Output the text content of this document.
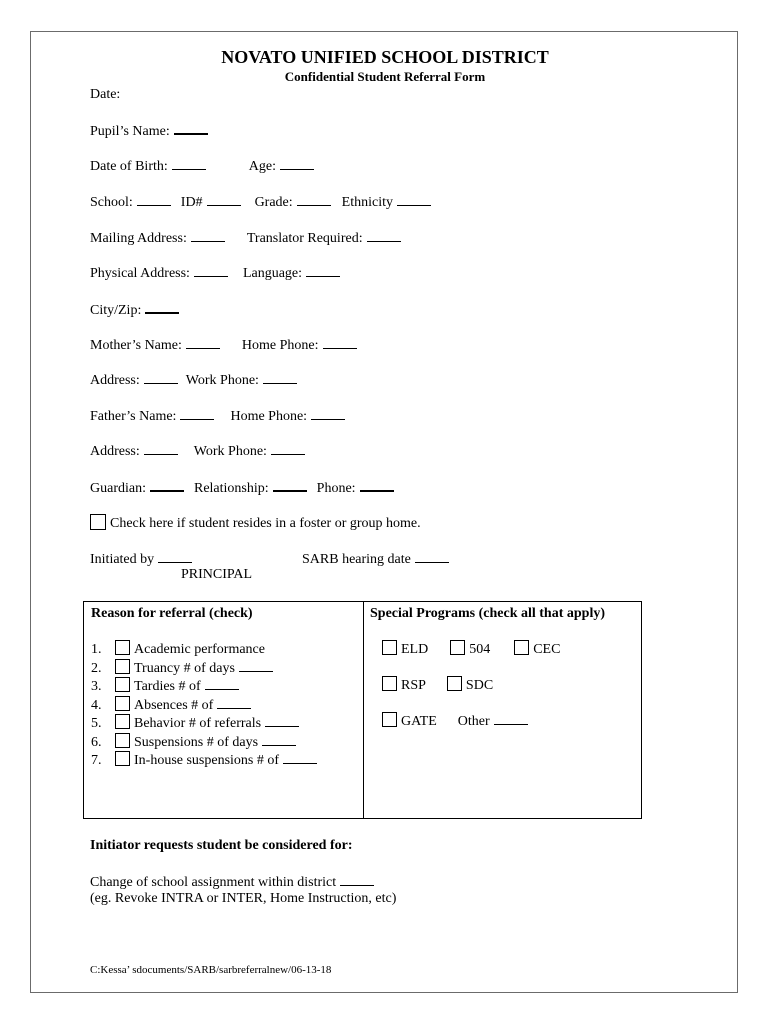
NOVATO UNIFIED SCHOOL DISTRICT
Confidential Student Referral Form
Date:
Pupil’s Name:
Date of Birth:	Age:
School:	ID#	Grade:	Ethnicity
Mailing Address:	Translator Required:
Physical Address:	Language:
City/Zip:
Mother’s Name:	Home Phone:
Address:	Work Phone:
Father’s Name:	Home Phone:
Address:	Work Phone:
Guardian:	Relationship:	Phone:
Check here if student resides in a foster or group home.
Initiated by	SARB hearing date
PRINCIPAL
Reason for referral (check)	Special Programs (check all that apply)
1. Academic performance
2. Truancy # of days
3. Tardies # of
4. Absences # of
5. Behavior # of referrals
6. Suspensions # of days
7. In-house suspensions # of
ELD	504	CEC
RSP	SDC
GATE Other
Initiator requests student be considered for:
Change of school assignment within district
(eg. Revoke INTRA or INTER, Home Instruction, etc)
C:Kessa’ sdocuments/SARB/sarbreferralnew/06-13-18
